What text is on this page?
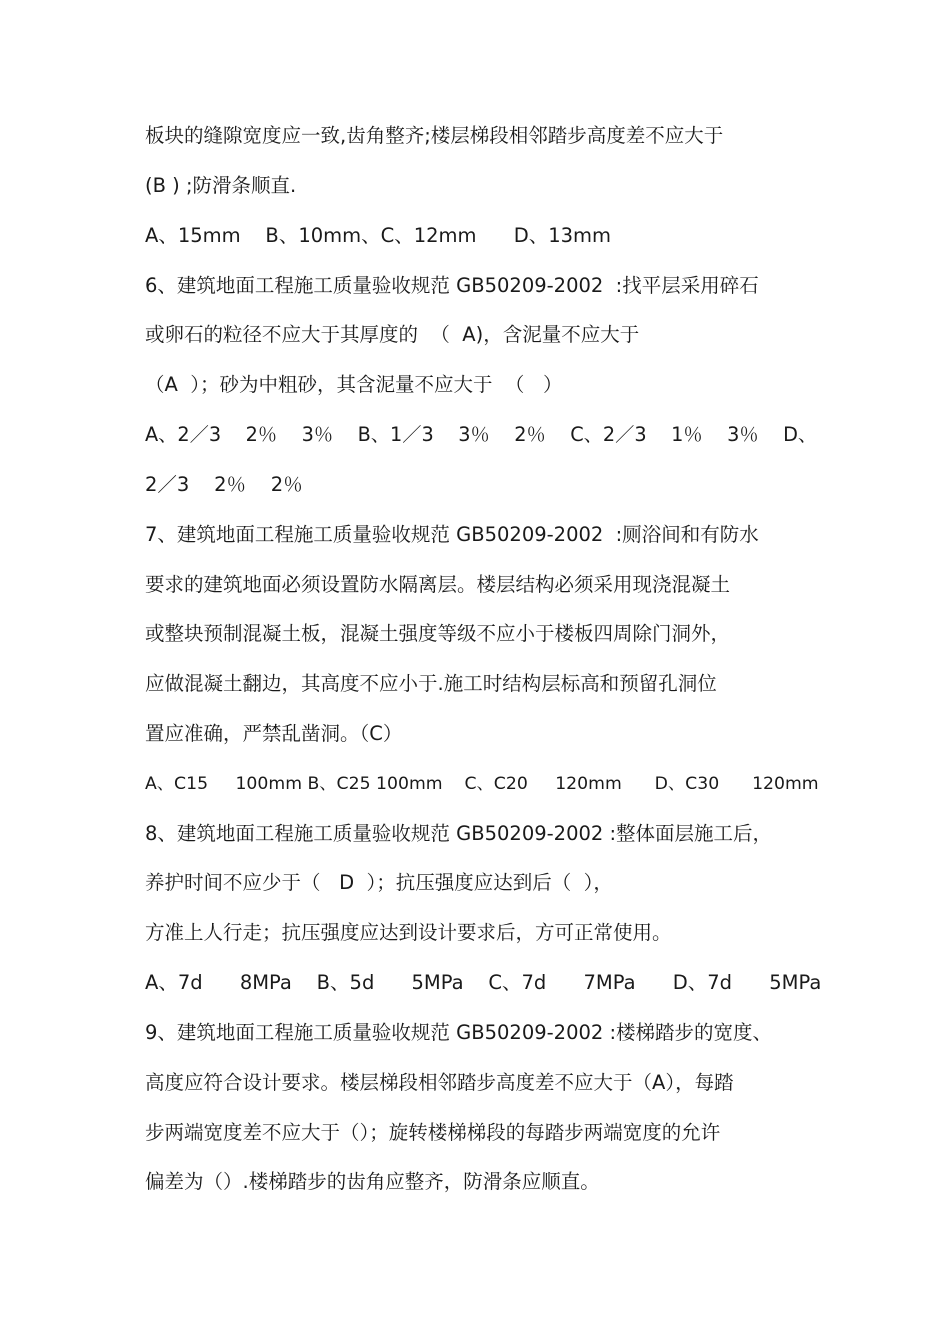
板块的缝隙宽度应一致,齿角整齐;楼层梯段相邻踏步高度差不应大于
(B ) ;防滑条顺直.
A、15mm    B、10mm、C、12mm      D、13mm
6、建筑地面工程施工质量验收规范 GB50209-2002  :找平层采用碎石
或卵石的粒径不应大于其厚度的  （  A)，含泥量不应大于
（A  ）；砂为中粗砂，其含泥量不应大于  （   ）
A、2／3    2％    3％    B、1／3    3％    2％    C、2／3    1％    3％    D、
2／3    2％    2％
7、建筑地面工程施工质量验收规范 GB50209-2002  :厕浴间和有防水
要求的建筑地面必须设置防水隔离层。楼层结构必须采用现浇混凝土
或整块预制混凝土板，混凝土强度等级不应小于楼板四周除门洞外，
应做混凝土翻边，其高度不应小于.施工时结构层标高和预留孔洞位
置应准确，严禁乱凿洞。（C）
A、C15     100mm B、C25 100mm    C、C20     120mm      D、C30      120mm
8、建筑地面工程施工质量验收规范 GB50209-2002 :整体面层施工后，
养护时间不应少于（   D  ）；抗压强度应达到后（  ），
方准上人行走；抗压强度应达到设计要求后，方可正常使用。
A、7d      8MPa    B、5d      5MPa    C、7d      7MPa      D、7d      5MPa
9、建筑地面工程施工质量验收规范 GB50209-2002 :楼梯踏步的宽度、
高度应符合设计要求。楼层梯段相邻踏步高度差不应大于（A），每踏
步两端宽度差不应大于（）；旋转楼梯梯段的每踏步两端宽度的允许
偏差为（）.楼梯踏步的齿角应整齐，防滑条应顺直。
